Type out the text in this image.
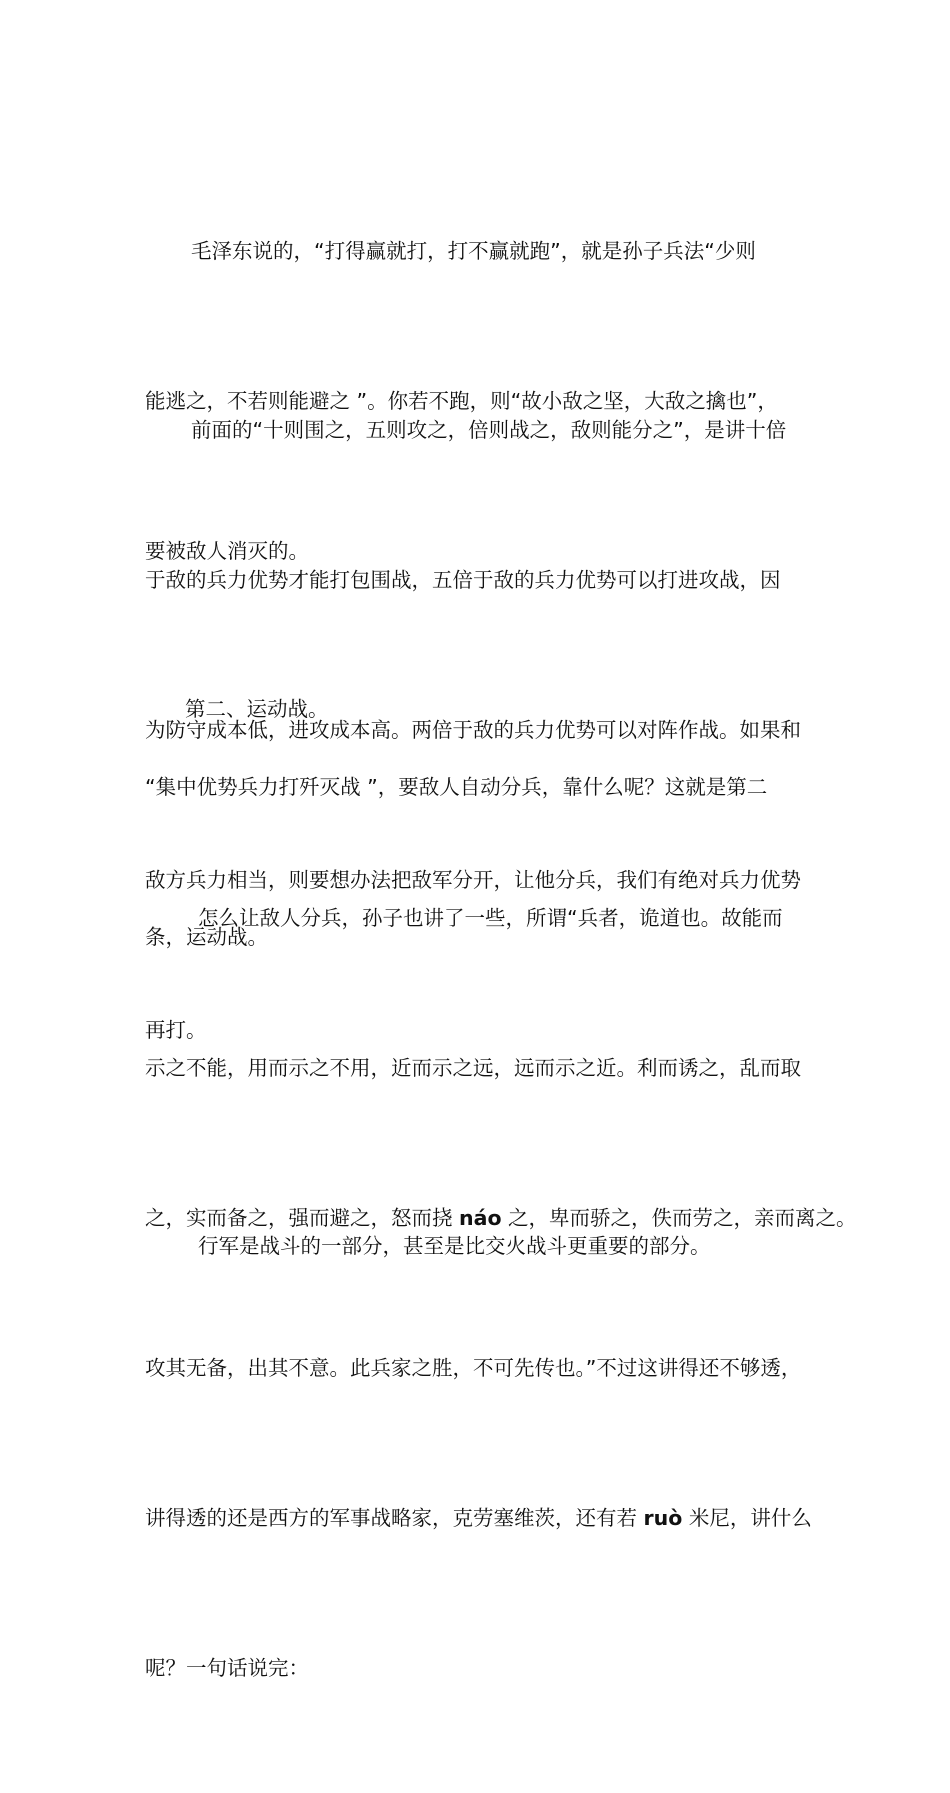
毛泽东说的，“打得赢就打，打不赢就跑”，就是孙子兵法“少则

能逃之，不若则能避之 ”。你若不跑，则“故小敌之坚，大敌之擒也”，

要被敌人消灭的。

前面的“十则围之，五则攻之，倍则战之，敌则能分之”，是讲十倍

于敌的兵力优势才能打包围战，五倍于敌的兵力优势可以打进攻战，因

为防守成本低，进攻成本高。两倍于敌的兵力优势可以对阵作战。如果和

敌方兵力相当，则要想办法把敌军分开，让他分兵，我们有绝对兵力优势

再打。

第二、运动战。

“集中优势兵力打歼灭战 ”，要敌人自动分兵，靠什么呢？这就是第二

条，运动战。

怎么让敌人分兵，孙子也讲了一些，所谓“兵者，诡道也。故能而

示之不能，用而示之不用，近而示之远，远而示之近。利而诱之，乱而取

之，实而备之，强而避之，怒而挠 náo 之，卑而骄之，佚而劳之，亲而离之。

攻其无备，出其不意。此兵家之胜，不可先传也。”不过这讲得还不够透，

讲得透的还是西方的军事战略家，克劳塞维茨，还有若 ruò 米尼，讲什么

呢？一句话说完：

行军是战斗的一部分，甚至是比交火战斗更重要的部分。
